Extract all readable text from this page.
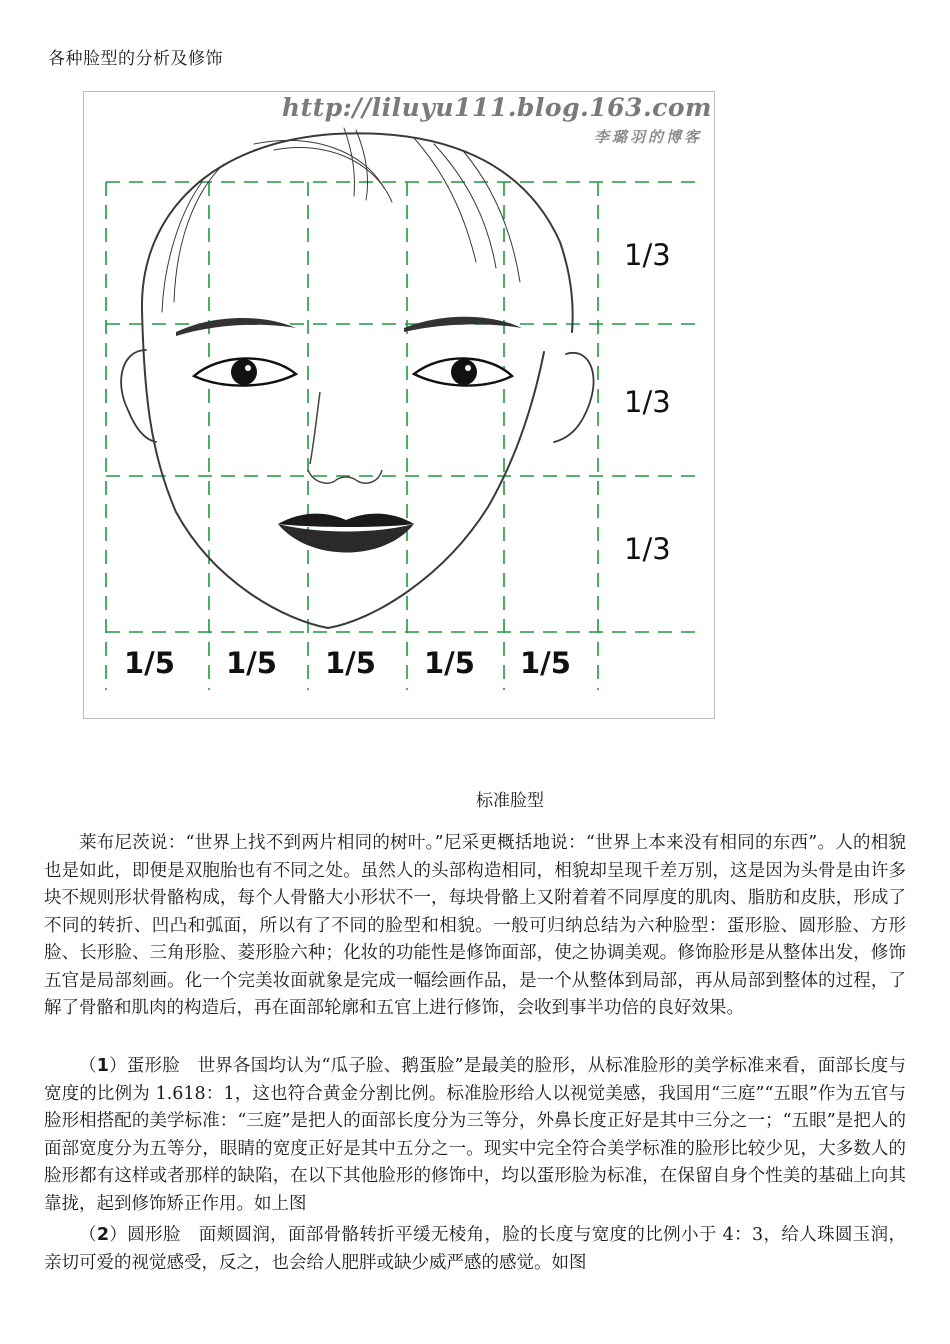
各种脸型的分析及修饰
http://liluyu111.blog.163.com
李璐羽的博客
1/3
1/3
1/3
1/5 1/5 1/5 1/5 1/5
标准脸型

莱布尼茨说：“世界上找不到两片相同的树叶。”尼采更概括地说：“世界上本来没有相同的东西”。人的相貌也是如此，即便是双胞胎也有不同之处。虽然人的头部构造相同，相貌却呈现千差万别，这是因为头骨是由许多块不规则形状骨骼构成，每个人骨骼大小形状不一，每块骨骼上又附着着不同厚度的肌肉、脂肪和皮肤，形成了不同的转折、凹凸和弧面，所以有了不同的脸型和相貌。一般可归纳总结为六种脸型：蛋形脸、圆形脸、方形脸、长形脸、三角形脸、菱形脸六种；化妆的功能性是修饰面部，使之协调美观。修饰脸形是从整体出发，修饰五官是局部刻画。化一个完美妆面就象是完成一幅绘画作品，是一个从整体到局部，再从局部到整体的过程，了解了骨骼和肌肉的构造后，再在面部轮廓和五官上进行修饰，会收到事半功倍的良好效果。

（1）蛋形脸　世界各国均认为“瓜子脸、鹅蛋脸”是最美的脸形，从标准脸形的美学标准来看，面部长度与宽度的比例为 1.618：1，这也符合黄金分割比例。标准脸形给人以视觉美感，我国用“三庭”“五眼”作为五官与脸形相搭配的美学标准：“三庭”是把人的面部长度分为三等分，外鼻长度正好是其中三分之一；“五眼”是把人的面部宽度分为五等分，眼睛的宽度正好是其中五分之一。现实中完全符合美学标准的脸形比较少见，大多数人的脸形都有这样或者那样的缺陷，在以下其他脸形的修饰中，均以蛋形脸为标准，在保留自身个性美的基础上向其靠拢，起到修饰矫正作用。如上图

（2）圆形脸　面颊圆润，面部骨骼转折平缓无棱角，脸的长度与宽度的比例小于 4：3，给人珠圆玉润，亲切可爱的视觉感受，反之，也会给人肥胖或缺少威严感的感觉。如图
